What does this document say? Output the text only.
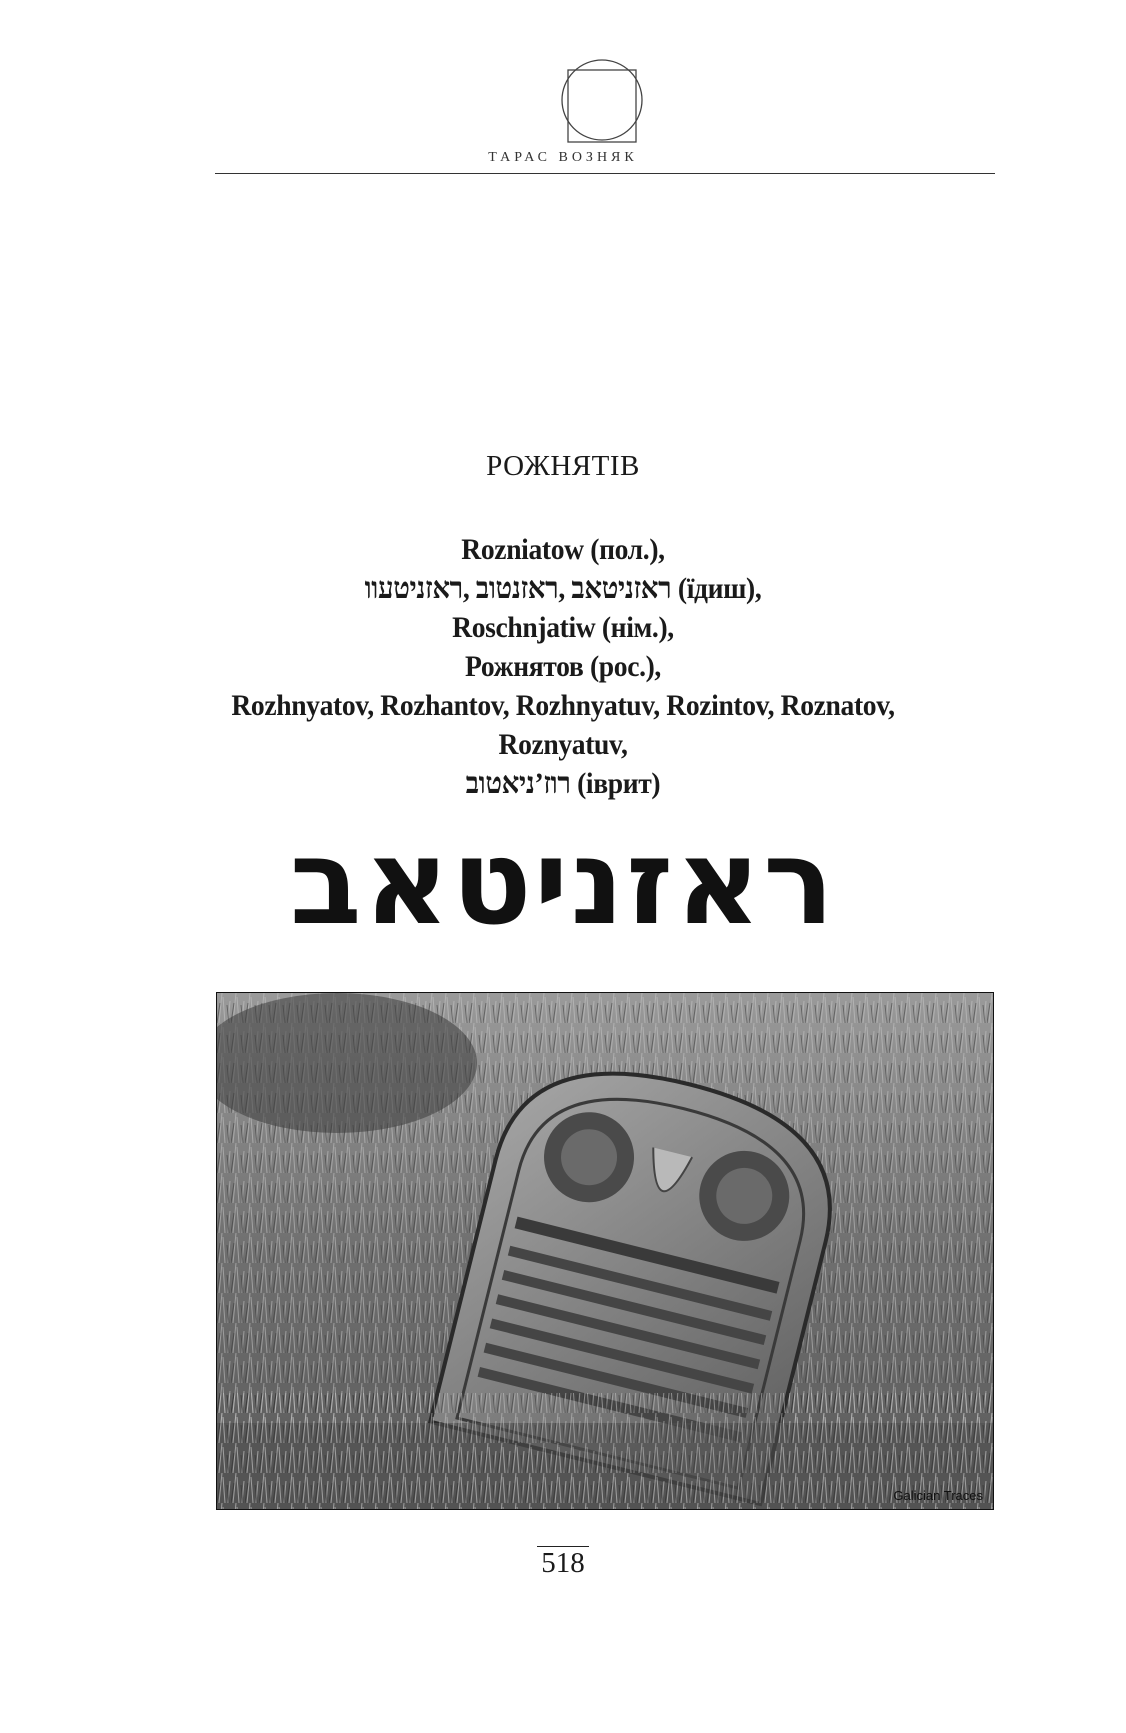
ТАРАС ВОЗНЯК
РОЖНЯТІВ
Rozniatow (пол.),
ראזניטאב ,ראזנטוב ,ראזניטעוו (їдиш),
Roschnjatiw (нім.),
Рожнятов (рос.),
Rozhnyatov, Rozhantov, Rozhnyatuv, Rozintov, Roznatov,
Roznyatuv,
רוז’ניאטוב (іврит)
ראזניטאב
Galician Traces
518
